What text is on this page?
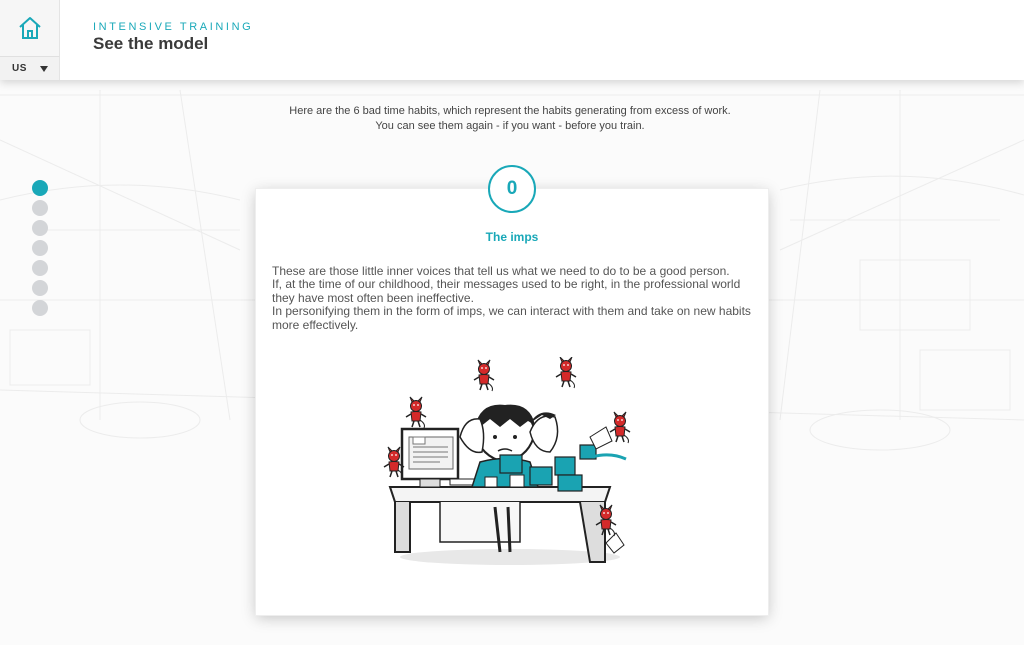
US
INTENSIVE TRAINING
See the model
Here are the 6 bad time habits, which represent the habits generating from excess of work.
You can see them again - if you want - before you train.
0
The imps

These are those little inner voices that tell us what we need to do to be a good person.

If, at the time of our childhood, their messages used to be right, in the professional world they have most often been ineffective.

In personifying them in the form of imps, we can interact with them and take on new habits more effectively.
